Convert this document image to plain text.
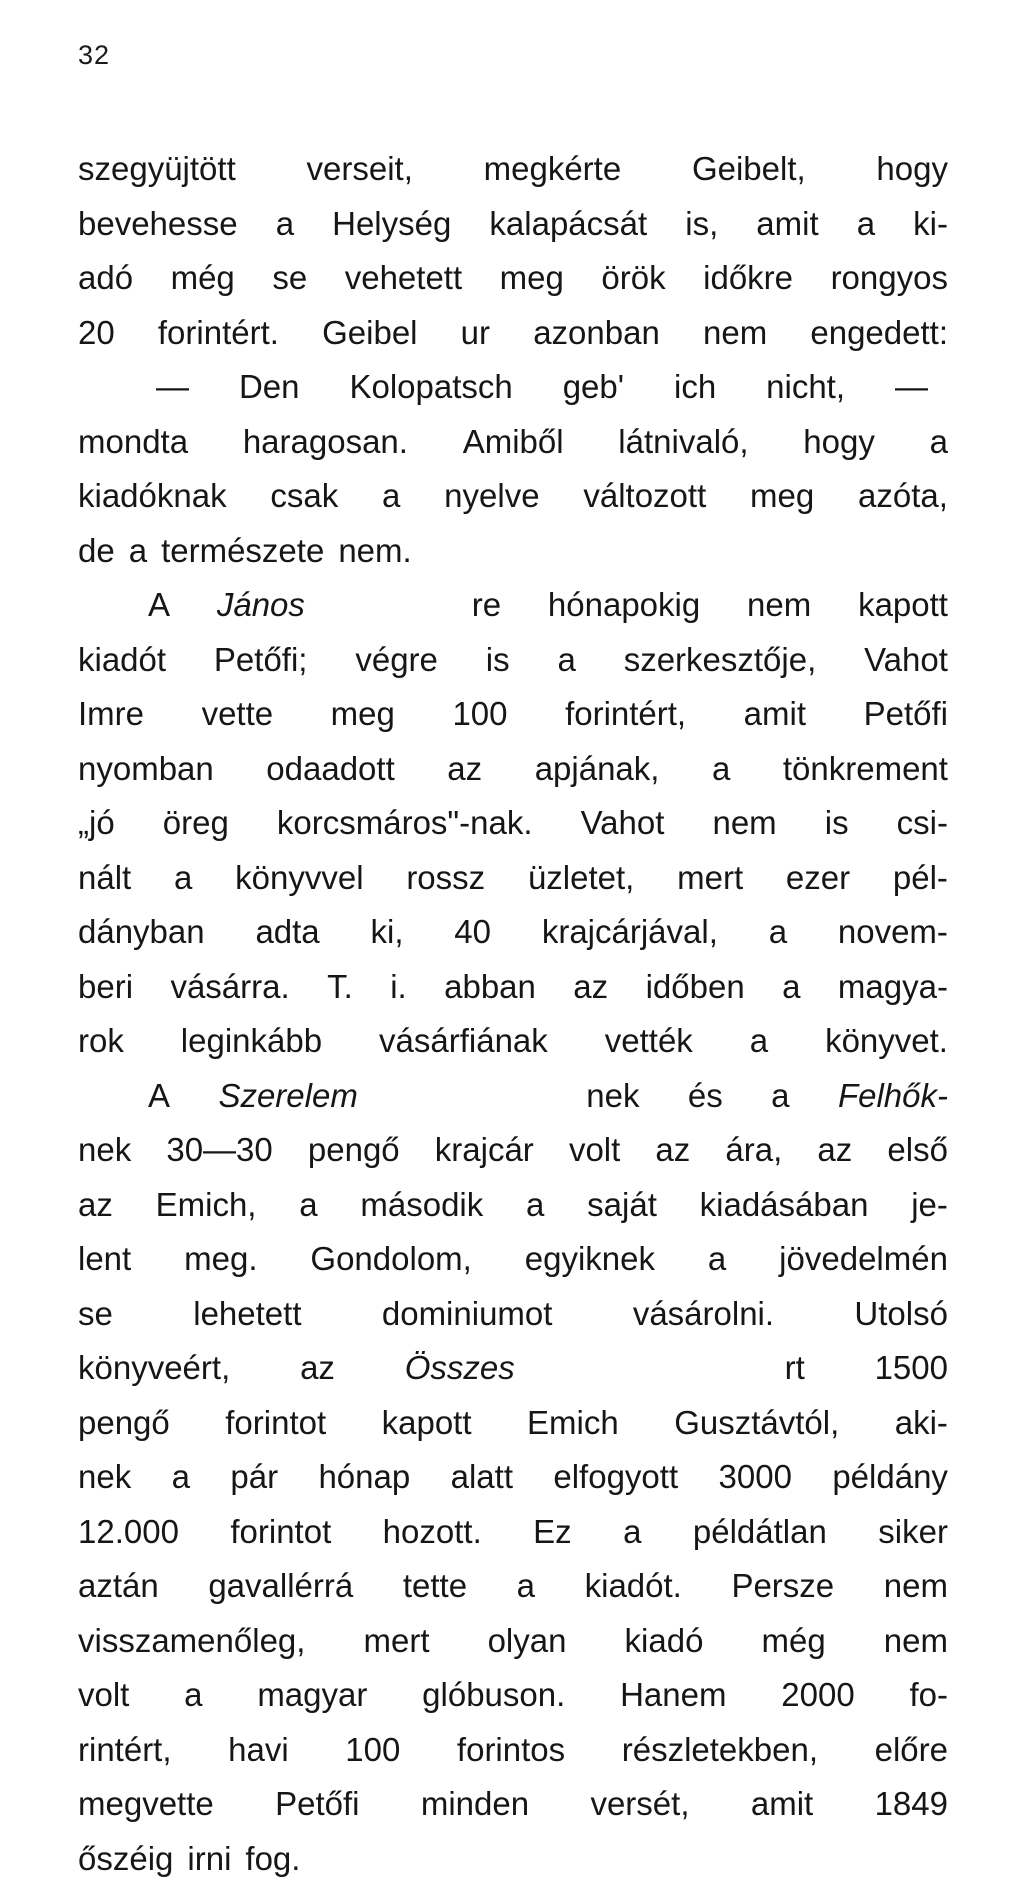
32
szegyüjtött verseit, megkérte Geibelt, hogy
bevehesse a Helység kalapácsát is, amit a ki-
adó még se vehetett meg örök időkre rongyos
20 forintért. Geibel ur azonban nem engedett:
— Den Kolopatsch geb' ich nicht, —
mondta haragosan. Amiből látnivaló, hogy a
kiadóknak csak a nyelve változott meg azóta,
de a természete nem.
A János	re hónapokig nem kapott
kiadót Petőfi; végre is a szerkesztője, Vahot
Imre vette meg 100 forintért, amit Petőfi
nyomban odaadott az apjának, a tönkrement
„jó öreg korcsmáros"-nak. Vahot nem is csi-
nált a könyvvel rossz üzletet, mert ezer pél-
dányban adta ki, 40 krajcárjával, a novem-
beri vásárra. T. i. abban az időben a magya-
rok leginkább vásárfiának vették a könyvet.
A Szerelem	nek és a Felhők-
nek 30—30 pengő krajcár volt az ára, az első
az Emich, a második a saját kiadásában je-
lent meg. Gondolom, egyiknek a jövedelmén
se lehetett dominiumot vásárolni. Utolsó
könyveért, az Összes	rt 1500
pengő forintot kapott Emich Gusztávtól, aki-
nek a pár hónap alatt elfogyott 3000 példány
12.000 forintot hozott. Ez a példátlan siker
aztán gavallérrá tette a kiadót. Persze nem
visszamenőleg, mert olyan kiadó még nem
volt a magyar glóbuson. Hanem 2000 fo-
rintért, havi 100 forintos részletekben, előre
megvette Petőfi minden versét, amit 1849
őszéig irni fog.
